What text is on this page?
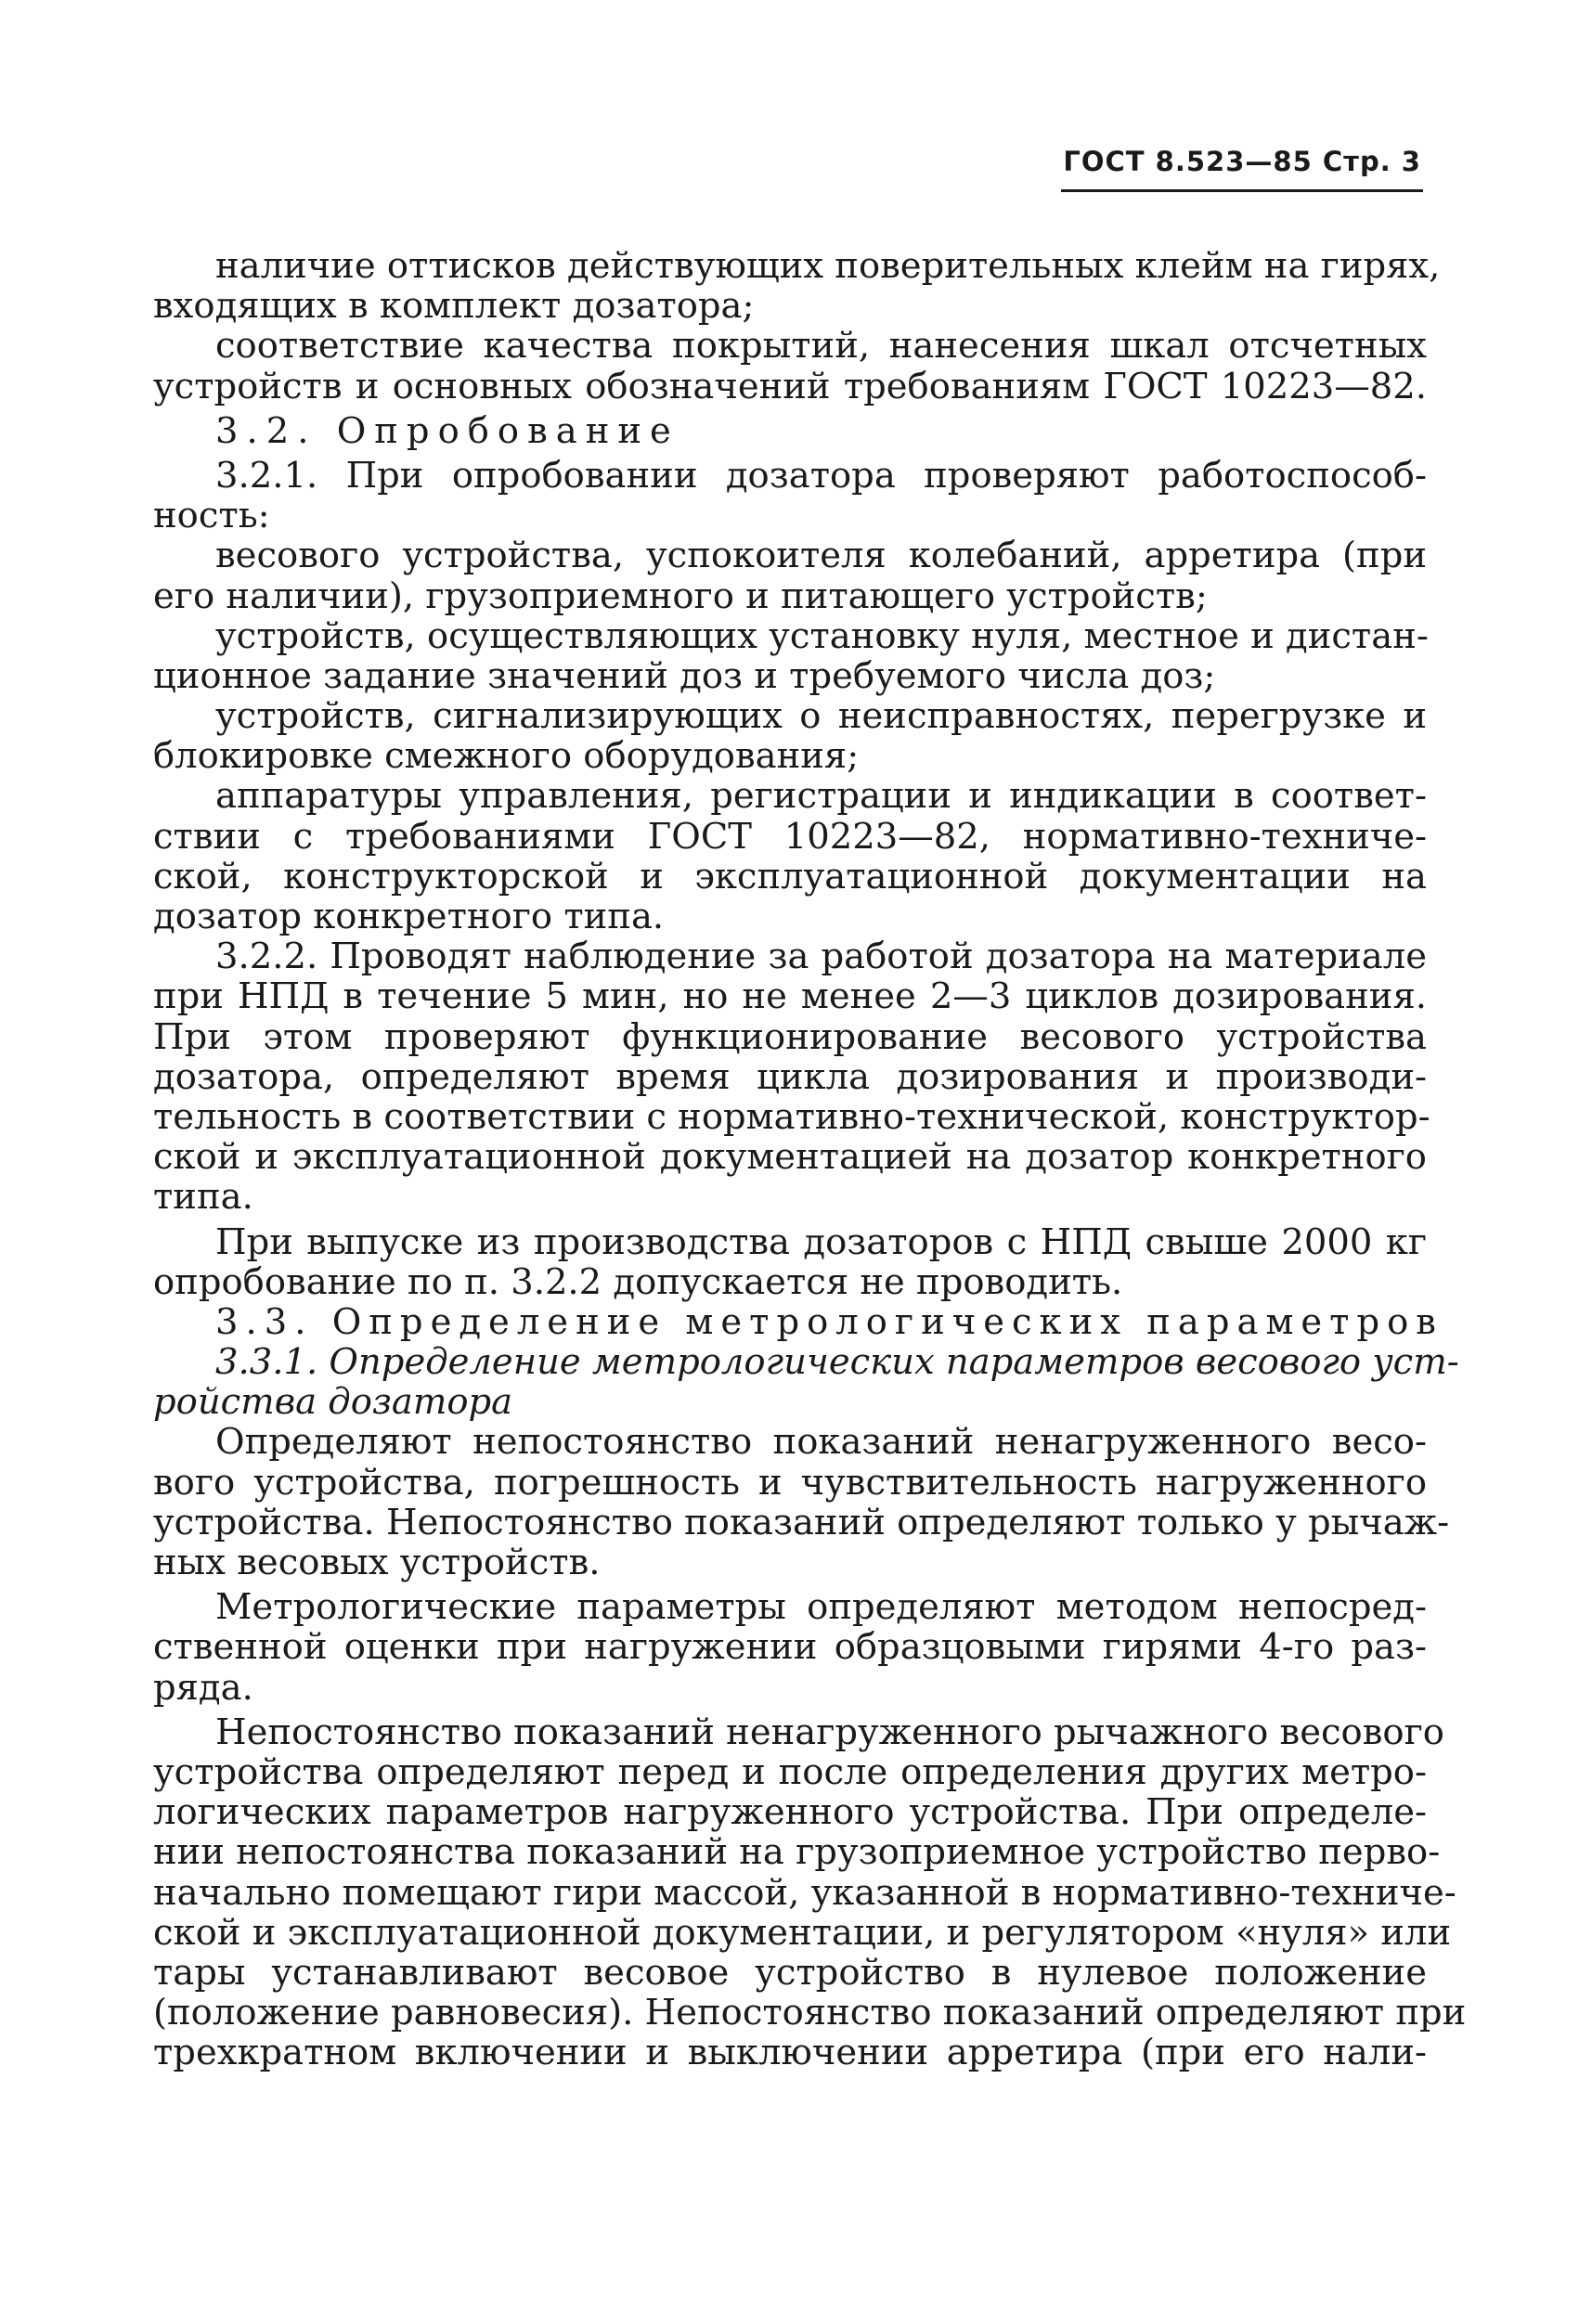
ГОСТ 8.523—85 Стр. 3
наличие оттисков действующих поверительных клейм на гирях,
входящих в комплект дозатора;
соответствие качества покрытий, нанесения шкал отсчетных
устройств и основных обозначений требованиям ГОСТ 10223—82.
3.2. Опробование
3.2.1. При опробовании дозатора проверяют работоспособ-
ность:
весового устройства, успокоителя колебаний, арретира (при
его наличии), грузоприемного и питающего устройств;
устройств, осуществляющих установку нуля, местное и дистан-
ционное задание значений доз и требуемого числа доз;
устройств, сигнализирующих о неисправностях, перегрузке и
блокировке смежного оборудования;
аппаратуры управления, регистрации и индикации в соответ-
ствии с требованиями ГОСТ 10223—82, нормативно-техниче-
ской, конструкторской и эксплуатационной документации на
дозатор конкретного типа.
3.2.2. Проводят наблюдение за работой дозатора на материале
при НПД в течение 5 мин, но не менее 2—3 циклов дозирования.
При этом проверяют функционирование весового устройства
дозатора, определяют время цикла дозирования и производи-
тельность в соответствии с нормативно-технической, конструктор-
ской и эксплуатационной документацией на дозатор конкретного
типа.
При выпуске из производства дозаторов с НПД свыше 2000 кг
опробование по п. 3.2.2 допускается не проводить.
3.3. Определение метрологических параметров
3.3.1. Определение метрологических параметров весового уст-
ройства дозатора
Определяют непостоянство показаний ненагруженного весо-
вого устройства, погрешность и чувствительность нагруженного
устройства. Непостоянство показаний определяют только у рычаж-
ных весовых устройств.
Метрологические параметры определяют методом непосред-
ственной оценки при нагружении образцовыми гирями 4-го раз-
ряда.
Непостоянство показаний ненагруженного рычажного весового
устройства определяют перед и после определения других метро-
логических параметров нагруженного устройства. При определе-
нии непостоянства показаний на грузоприемное устройство перво-
начально помещают гири массой, указанной в нормативно-техниче-
ской и эксплуатационной документации, и регулятором «нуля» или
тары устанавливают весовое устройство в нулевое положение
(положение равновесия). Непостоянство показаний определяют при
трехкратном включении и выключении арретира (при его нали-
